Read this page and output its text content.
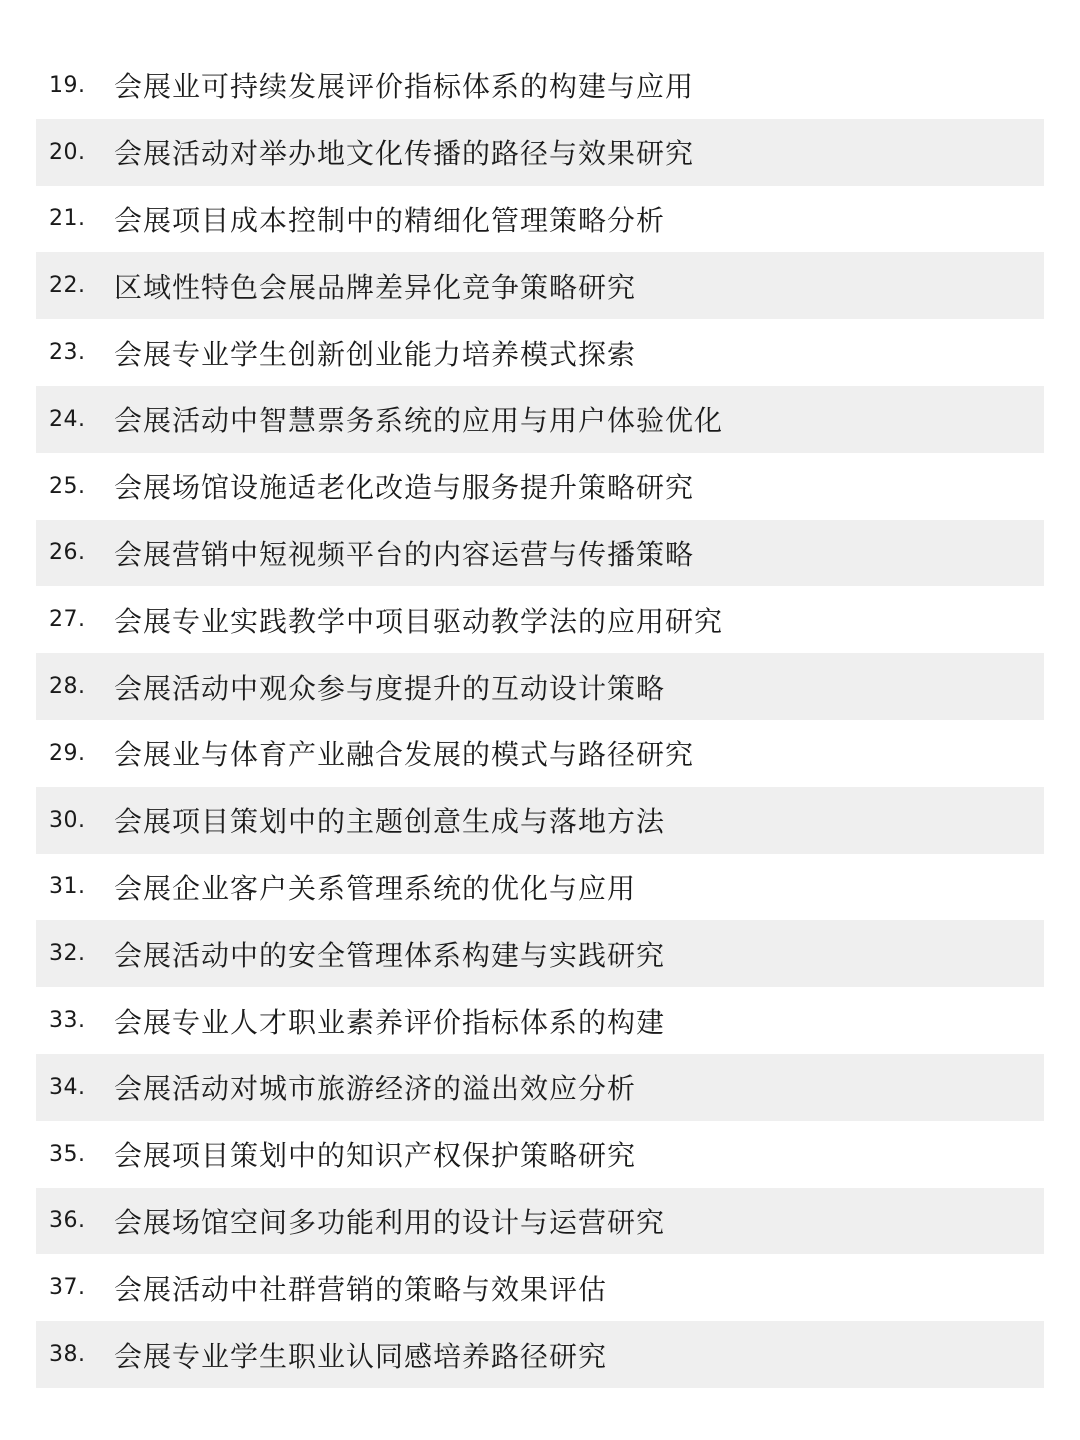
19.	会展业可持续发展评价指标体系的构建与应用
20.	会展活动对举办地文化传播的路径与效果研究
21.	会展项目成本控制中的精细化管理策略分析
22.	区域性特色会展品牌差异化竞争策略研究
23.	会展专业学生创新创业能力培养模式探索
24.	会展活动中智慧票务系统的应用与用户体验优化
25.	会展场馆设施适老化改造与服务提升策略研究
26.	会展营销中短视频平台的内容运营与传播策略
27.	会展专业实践教学中项目驱动教学法的应用研究
28.	会展活动中观众参与度提升的互动设计策略
29.	会展业与体育产业融合发展的模式与路径研究
30.	会展项目策划中的主题创意生成与落地方法
31.	会展企业客户关系管理系统的优化与应用
32.	会展活动中的安全管理体系构建与实践研究
33.	会展专业人才职业素养评价指标体系的构建
34.	会展活动对城市旅游经济的溢出效应分析
35.	会展项目策划中的知识产权保护策略研究
36.	会展场馆空间多功能利用的设计与运营研究
37.	会展活动中社群营销的策略与效果评估
38.	会展专业学生职业认同感培养路径研究
